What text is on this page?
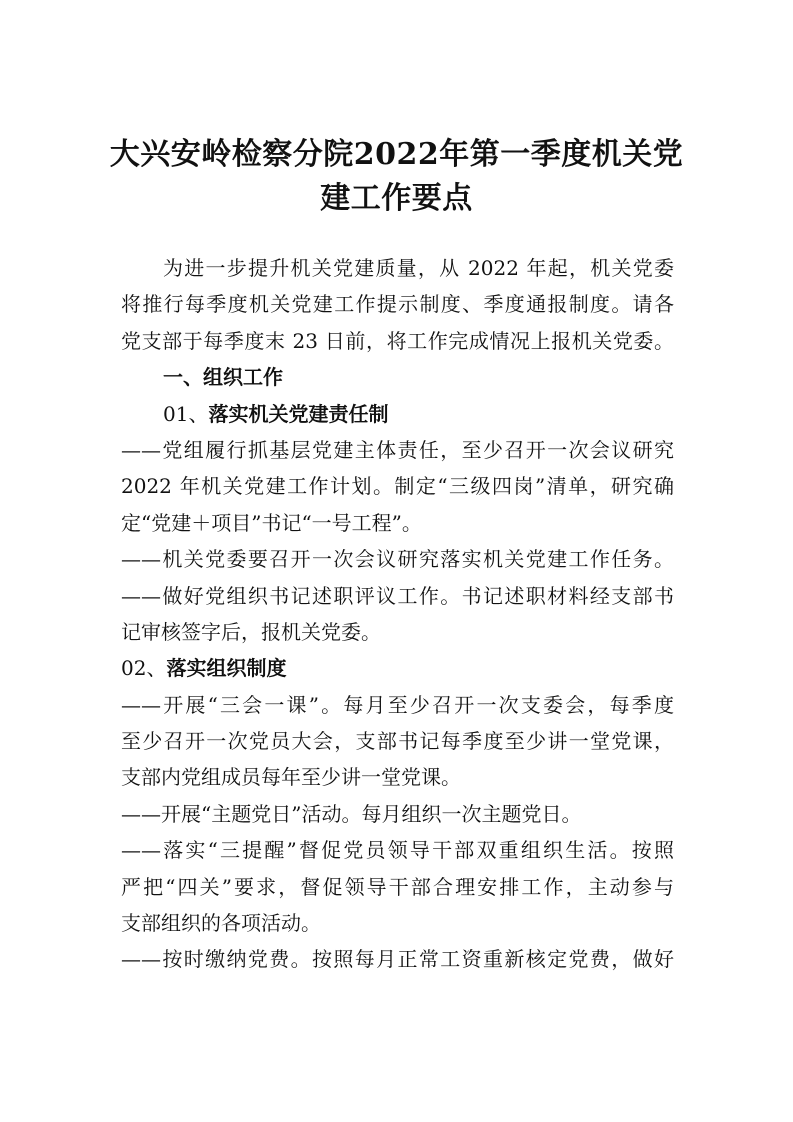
大兴安岭检察分院2022年第一季度机关党
建工作要点
为进一步提升机关党建质量，从 2022 年起，机关党委
将推行每季度机关党建工作提示制度、季度通报制度。请各
党支部于每季度末 23 日前，将工作完成情况上报机关党委。
一、组织工作
01、落实机关党建责任制
——党组履行抓基层党建主体责任，至少召开一次会议研究
2022 年机关党建工作计划。制定“三级四岗”清单，研究确
定“党建＋项目”书记“一号工程”。
——机关党委要召开一次会议研究落实机关党建工作任务。
——做好党组织书记述职评议工作。书记述职材料经支部书
记审核签字后，报机关党委。
02、落实组织制度
——开展“三会一课”。每月至少召开一次支委会，每季度
至少召开一次党员大会，支部书记每季度至少讲一堂党课，
支部内党组成员每年至少讲一堂党课。
——开展“主题党日”活动。每月组织一次主题党日。
——落实“三提醒”督促党员领导干部双重组织生活。按照
严把“四关”要求，督促领导干部合理安排工作，主动参与
支部组织的各项活动。
——按时缴纳党费。按照每月正常工资重新核定党费，做好
